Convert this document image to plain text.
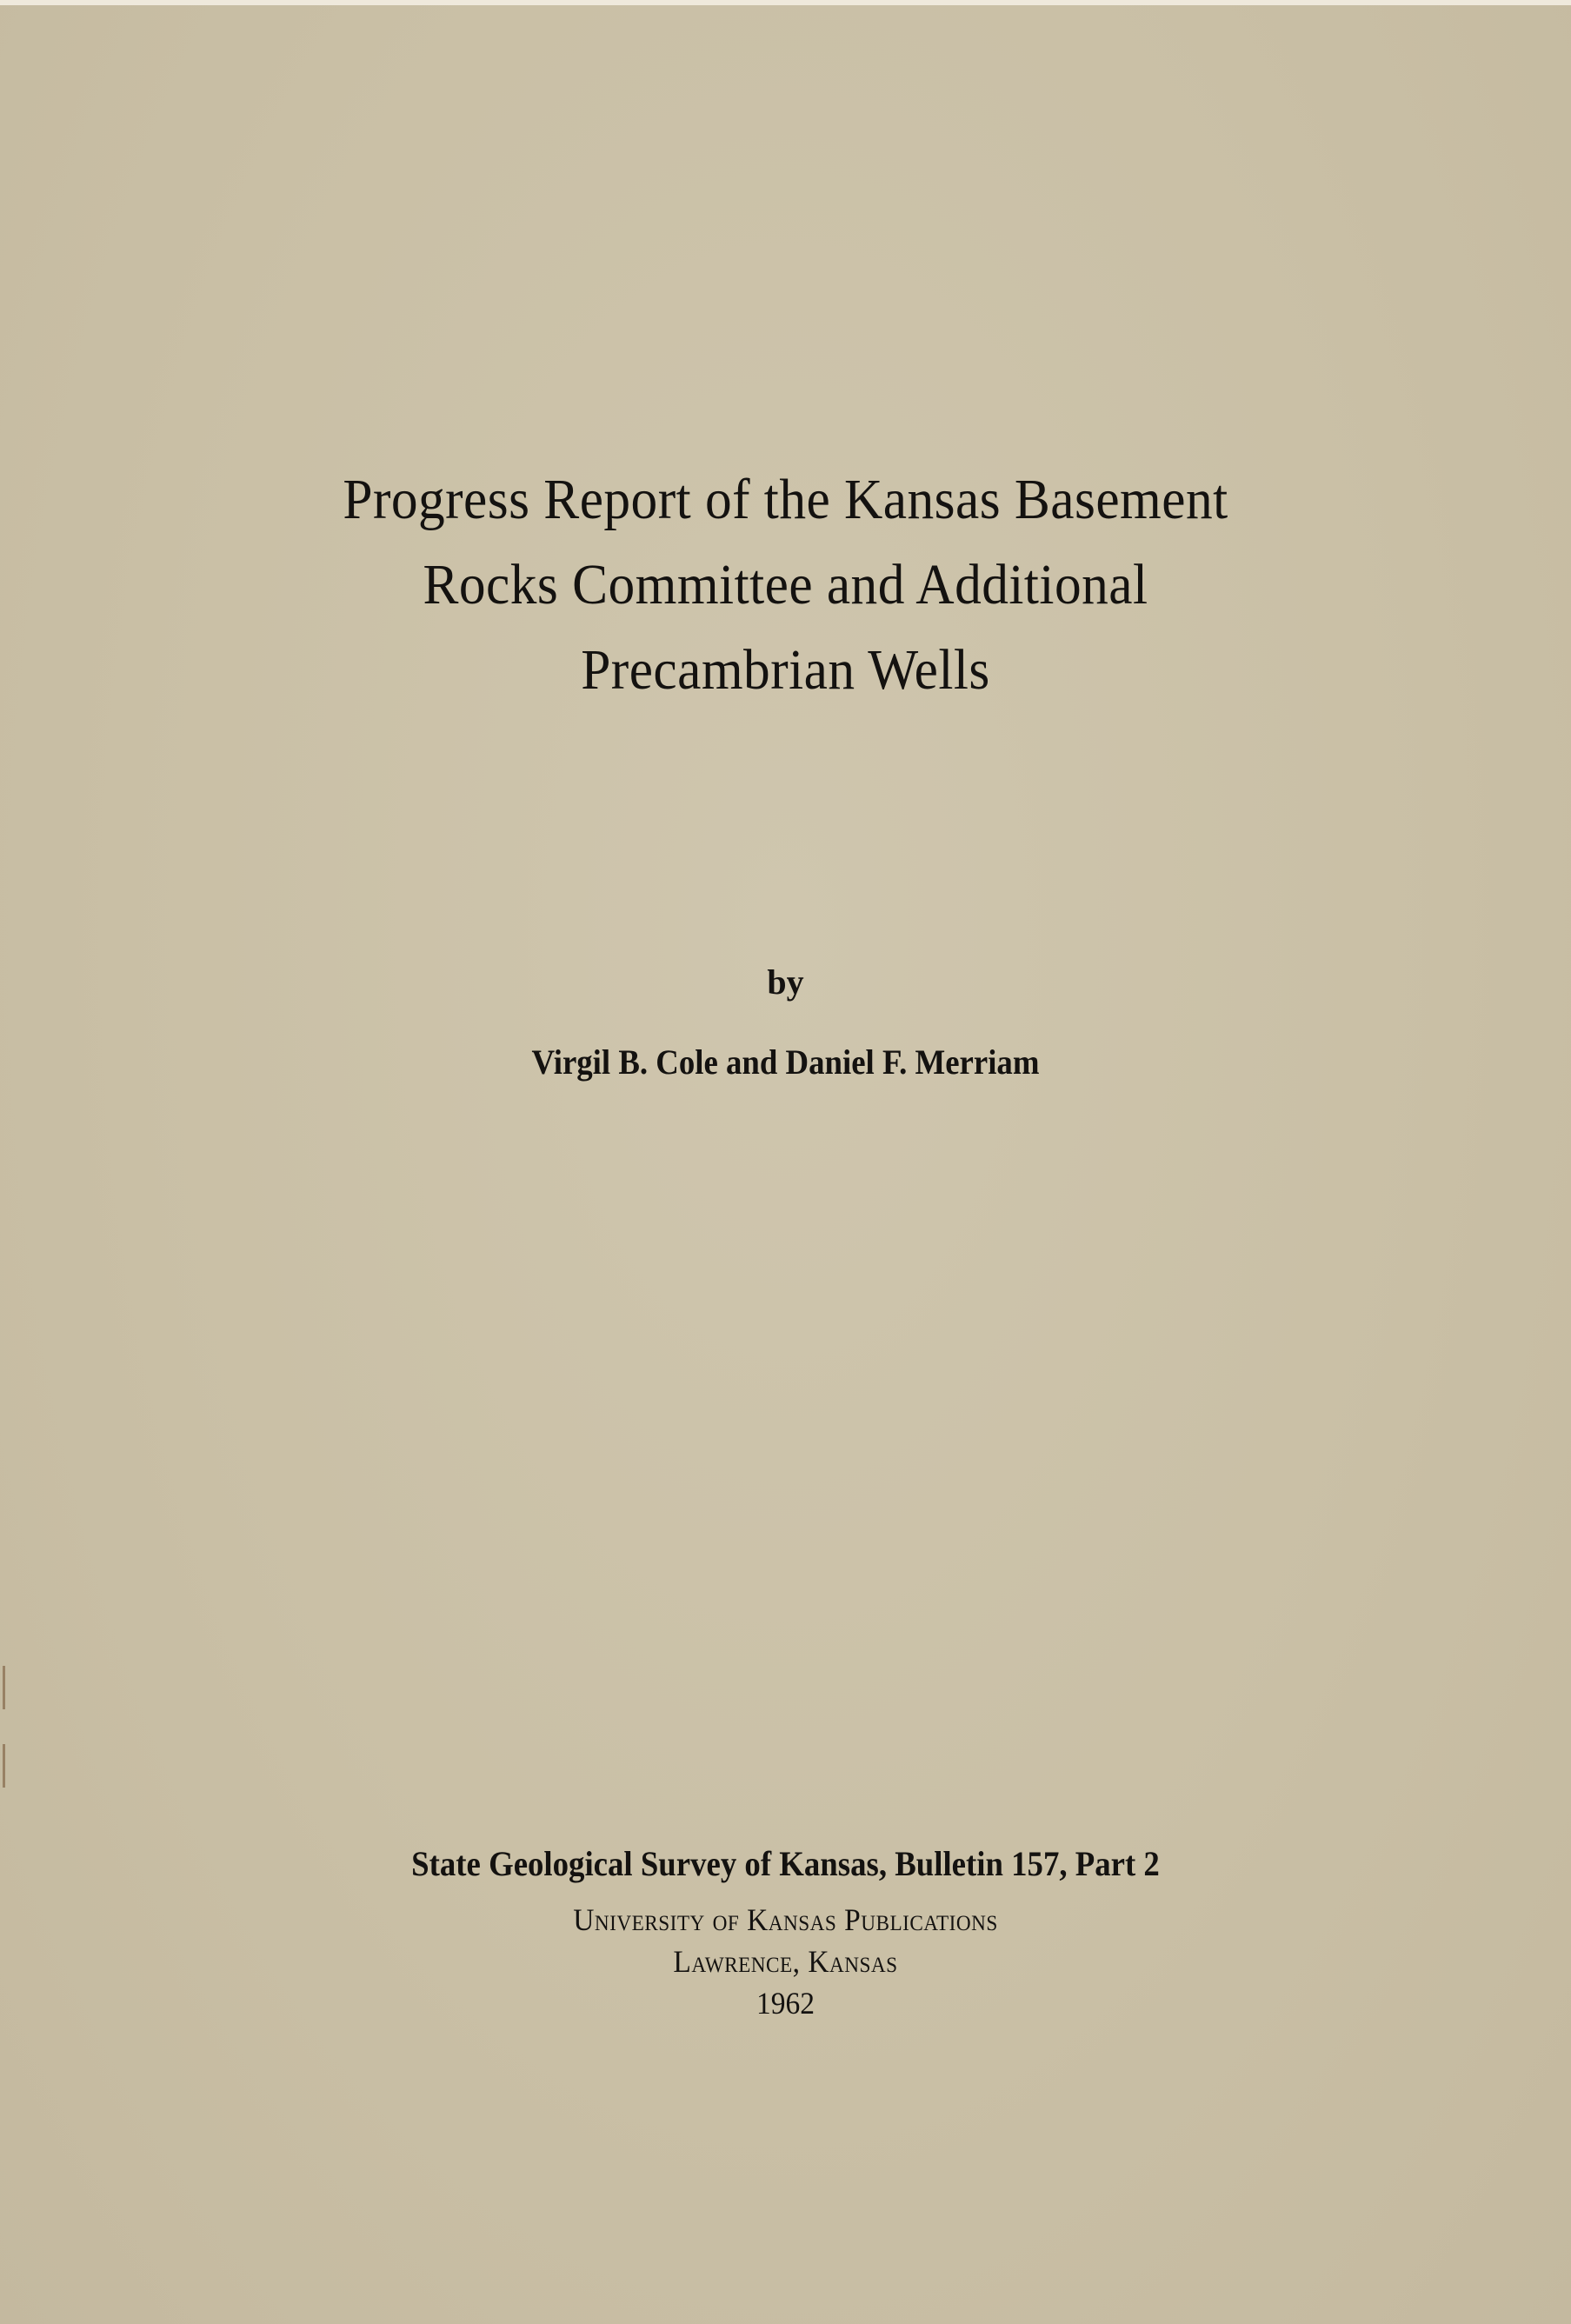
Progress Report of the Kansas Basement
Rocks Committee and Additional
Precambrian Wells
by
Virgil B. Cole and Daniel F. Merriam
State Geological Survey of Kansas, Bulletin 157, Part 2
University of Kansas Publications
Lawrence, Kansas
1962
